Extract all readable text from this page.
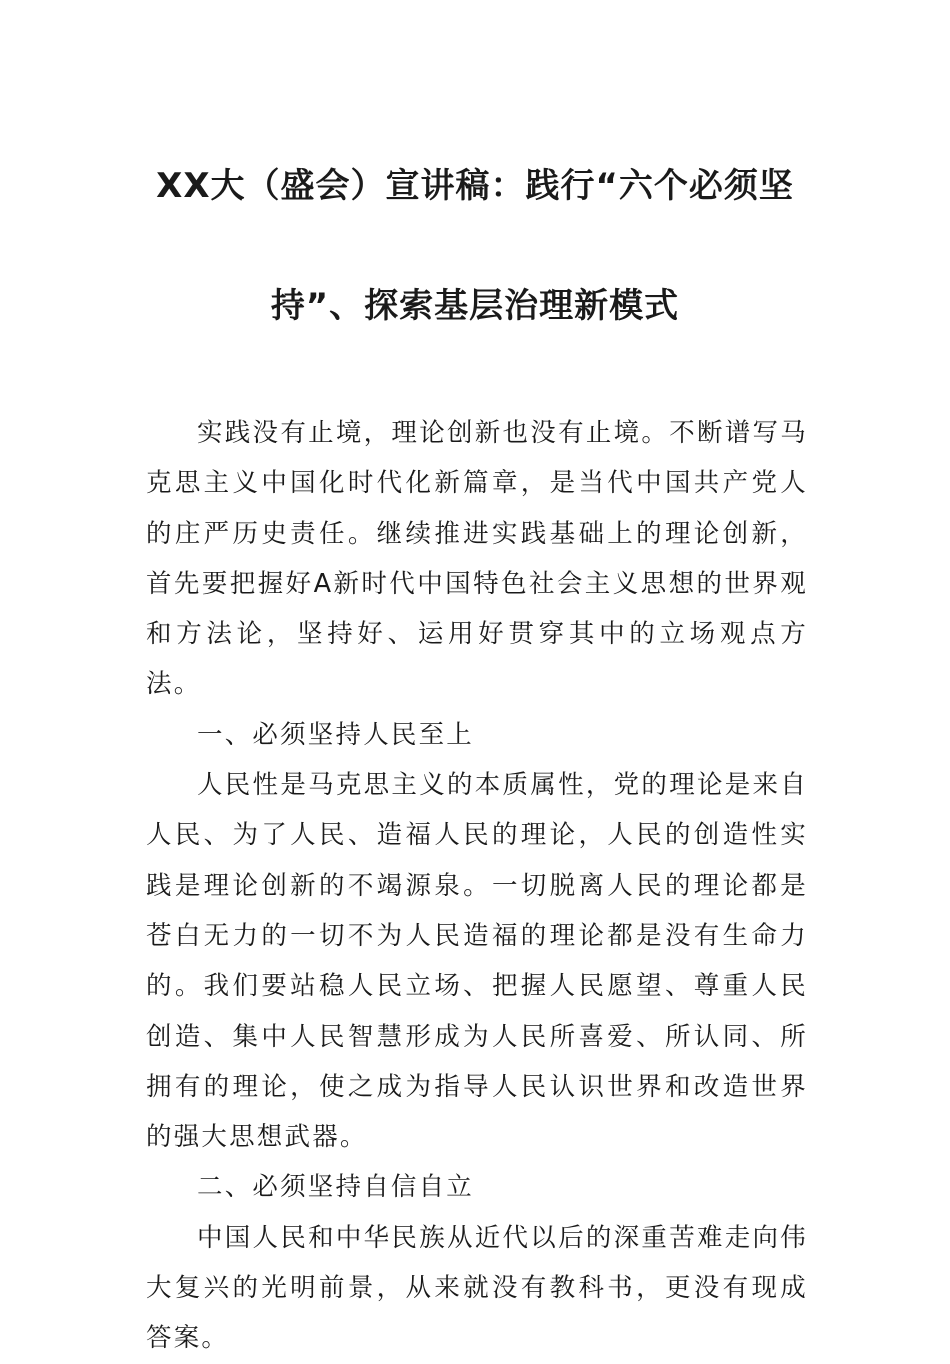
XX大（盛会）宣讲稿：践行“六个必须坚
持”、探索基层治理新模式

实践没有止境，理论创新也没有止境。不断谱写马克思主义中国化时代化新篇章，是当代中国共产党人的庄严历史责任。继续推进实践基础上的理论创新，首先要把握好A新时代中国特色社会主义思想的世界观和方法论，坚持好、运用好贯穿其中的立场观点方法。

一、必须坚持人民至上

人民性是马克思主义的本质属性，党的理论是来自人民、为了人民、造福人民的理论，人民的创造性实践是理论创新的不竭源泉。一切脱离人民的理论都是苍白无力的一切不为人民造福的理论都是没有生命力的。我们要站稳人民立场、把握人民愿望、尊重人民创造、集中人民智慧形成为人民所喜爱、所认同、所拥有的理论，使之成为指导人民认识世界和改造世界的强大思想武器。

二、必须坚持自信自立

中国人民和中华民族从近代以后的深重苦难走向伟大复兴的光明前景，从来就没有教科书，更没有现成答案。
